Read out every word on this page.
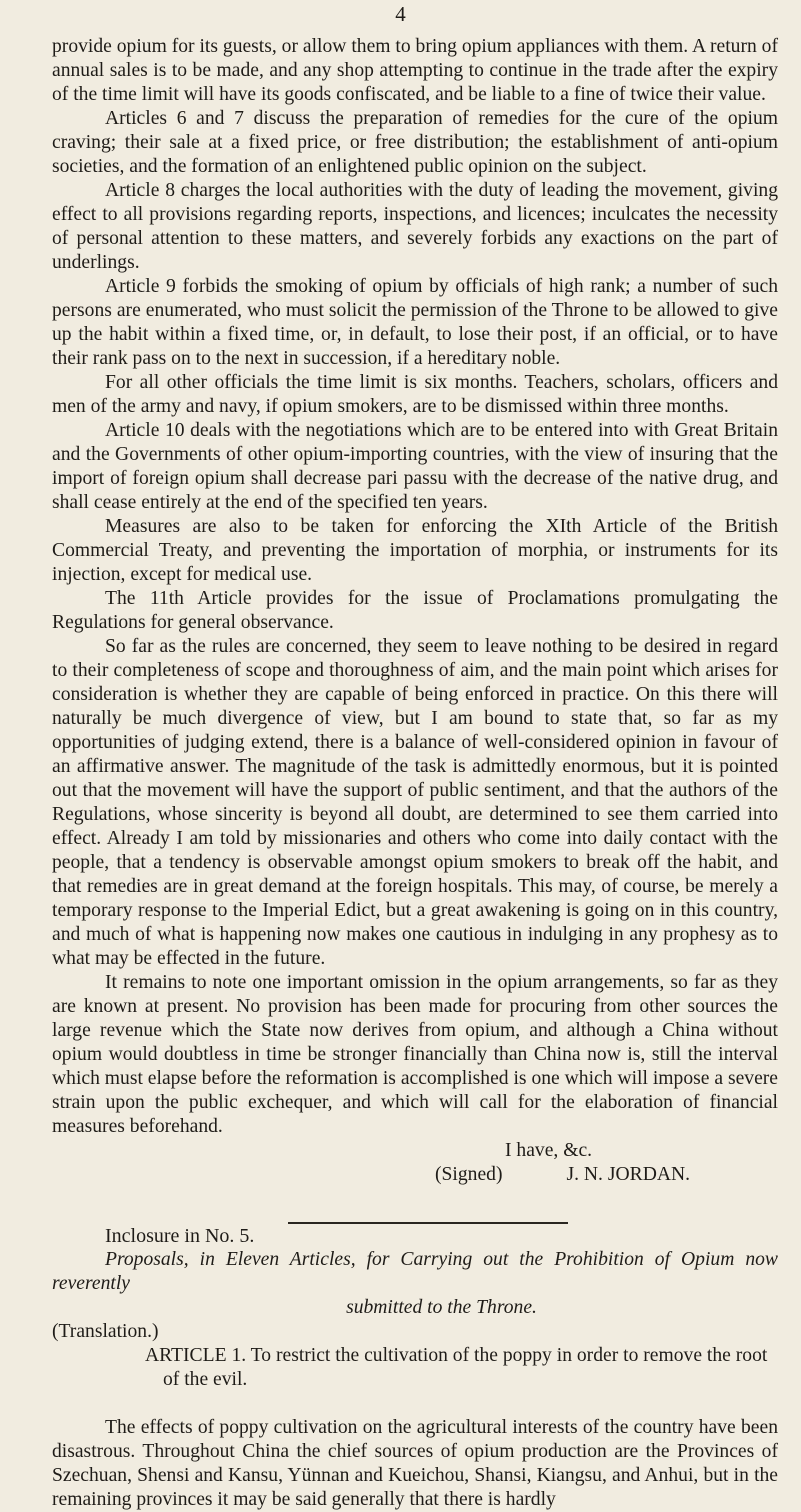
4

provide opium for its guests, or allow them to bring opium appliances with them. A return of annual sales is to be made, and any shop attempting to continue in the trade after the expiry of the time limit will have its goods confiscated, and be liable to a fine of twice their value.

Articles 6 and 7 discuss the preparation of remedies for the cure of the opium craving; their sale at a fixed price, or free distribution; the establishment of anti-opium societies, and the formation of an enlightened public opinion on the subject.

Article 8 charges the local authorities with the duty of leading the movement, giving effect to all provisions regarding reports, inspections, and licences; inculcates the necessity of personal attention to these matters, and severely forbids any exactions on the part of underlings.

Article 9 forbids the smoking of opium by officials of high rank; a number of such persons are enumerated, who must solicit the permission of the Throne to be allowed to give up the habit within a fixed time, or, in default, to lose their post, if an official, or to have their rank pass on to the next in succession, if a hereditary noble.

For all other officials the time limit is six months. Teachers, scholars, officers and men of the army and navy, if opium smokers, are to be dismissed within three months.

Article 10 deals with the negotiations which are to be entered into with Great Britain and the Governments of other opium-importing countries, with the view of insuring that the import of foreign opium shall decrease pari passu with the decrease of the native drug, and shall cease entirely at the end of the specified ten years.

Measures are also to be taken for enforcing the XIth Article of the British Commercial Treaty, and preventing the importation of morphia, or instruments for its injection, except for medical use.

The 11th Article provides for the issue of Proclamations promulgating the Regulations for general observance.

So far as the rules are concerned, they seem to leave nothing to be desired in regard to their completeness of scope and thoroughness of aim, and the main point which arises for consideration is whether they are capable of being enforced in practice. On this there will naturally be much divergence of view, but I am bound to state that, so far as my opportunities of judging extend, there is a balance of well-considered opinion in favour of an affirmative answer. The magnitude of the task is admittedly enormous, but it is pointed out that the movement will have the support of public sentiment, and that the authors of the Regulations, whose sincerity is beyond all doubt, are determined to see them carried into effect. Already I am told by missionaries and others who come into daily contact with the people, that a tendency is observable amongst opium smokers to break off the habit, and that remedies are in great demand at the foreign hospitals. This may, of course, be merely a temporary response to the Imperial Edict, but a great awakening is going on in this country, and much of what is happening now makes one cautious in indulging in any prophesy as to what may be effected in the future.

It remains to note one important omission in the opium arrangements, so far as they are known at present. No provision has been made for procuring from other sources the large revenue which the State now derives from opium, and although a China without opium would doubtless in time be stronger financially than China now is, still the interval which must elapse before the reformation is accomplished is one which will impose a severe strain upon the public exchequer, and which will call for the elaboration of financial measures beforehand.

I have, &c.

(Signed)	J. N. JORDAN.

Inclosure in No. 5.

Proposals, in Eleven Articles, for Carrying out the Prohibition of Opium now reverently
submitted to the Throne.

(Translation.)

ARTICLE 1. To restrict the cultivation of the poppy in order to remove the root

of the evil.

The effects of poppy cultivation on the agricultural interests of the country have been disastrous. Throughout China the chief sources of opium production are the Provinces of Szechuan, Shensi and Kansu, Yünnan and Kueichou, Shansi, Kiangsu, and Anhui, but in the remaining provinces it may be said generally that there is hardly
